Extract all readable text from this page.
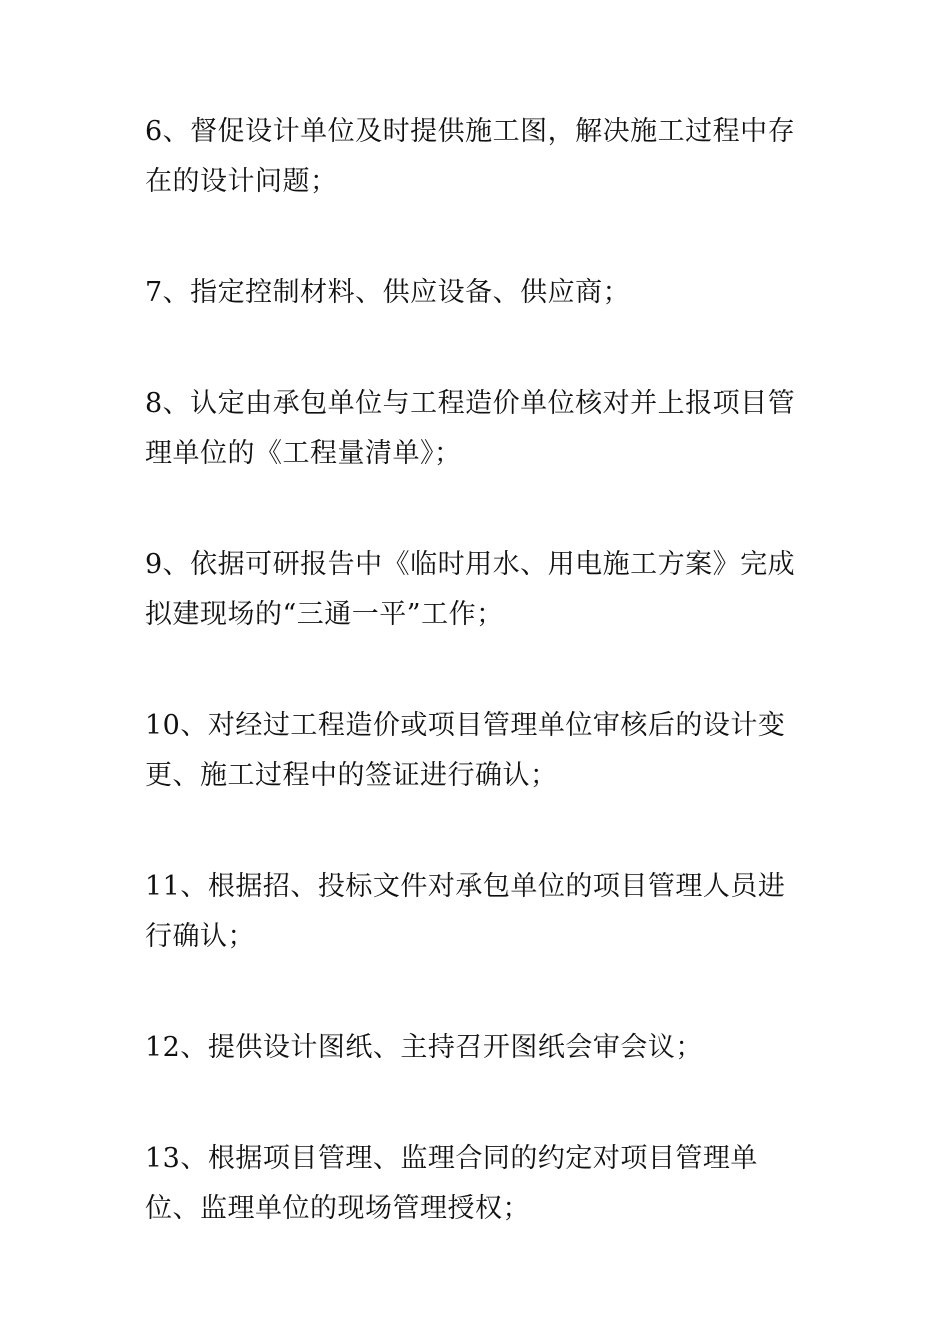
6、督促设计单位及时提供施工图，解决施工过程中存在的设计问题；

7、指定控制材料、供应设备、供应商；

8、认定由承包单位与工程造价单位核对并上报项目管理单位的《工程量清单》；

9、依据可研报告中《临时用水、用电施工方案》完成拟建现场的“三通一平”工作；

10、对经过工程造价或项目管理单位审核后的设计变更、施工过程中的签证进行确认；

11、根据招、投标文件对承包单位的项目管理人员进行确认；

12、提供设计图纸、主持召开图纸会审会议；

13、根据项目管理、监理合同的约定对项目管理单位、监理单位的现场管理授权；
